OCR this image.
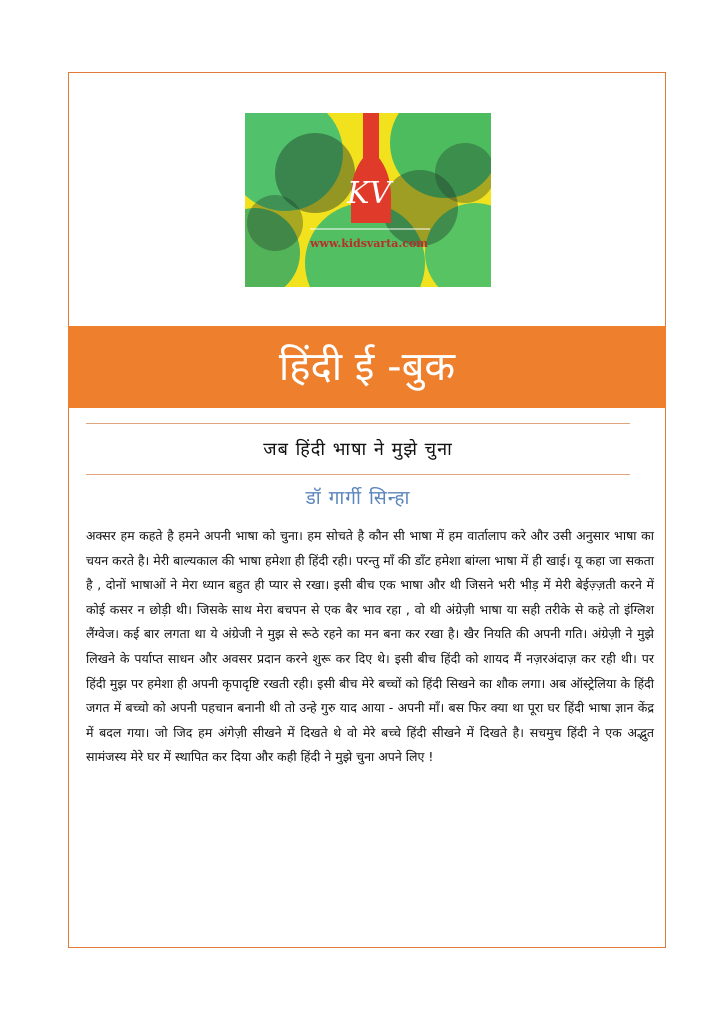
KV
www.kidsvarta.com
हिंदी ई -बुक
जब हिंदी भाषा ने मुझे चुना
डॉ गार्गी सिन्हा
अक्सर हम कहते है हमने अपनी भाषा को चुना। हम सोचते है कौन सी भाषा में हम वार्तालाप करे और उसी अनुसार भाषा का चयन करते है। मेरी बाल्यकाल की भाषा हमेशा ही हिंदी रही। परन्तु माँ की डाँट हमेशा बांग्ला भाषा में ही खाई। यू कहा जा सकता है , दोनों भाषाओं ने मेरा ध्यान बहुत ही प्यार से रखा। इसी बीच एक भाषा और थी जिसने भरी भीड़ में मेरी बेईज़्ज़ती करने में कोई कसर न छोड़ी थी। जिसके साथ मेरा बचपन से एक बैर भाव रहा , वो थी अंग्रेज़ी भाषा या सही तरीके से कहे तो इंग्लिश लैंग्वेज। कई बार लगता था ये अंग्रेजी ने मुझ से रूठे रहने का मन बना कर रखा है। खैर नियति की अपनी गति। अंग्रेज़ी ने मुझे लिखने के पर्याप्त साधन और अवसर प्रदान करने शुरू कर दिए थे। इसी बीच हिंदी को शायद मैं नज़रअंदाज़ कर रही थी। पर हिंदी मुझ पर हमेशा ही अपनी कृपादृष्टि रखती रही। इसी बीच मेरे बच्चों को हिंदी सिखने का शौक लगा। अब ऑस्ट्रेलिया के हिंदी जगत में बच्चो को अपनी पहचान बनानी थी तो उन्हे गुरु याद आया - अपनी माँ। बस फिर क्या था पूरा घर हिंदी भाषा ज्ञान केंद्र में बदल गया। जो जिद हम अंगेज़ी सीखने में दिखते थे वो मेरे बच्चे हिंदी सीखने में दिखते है। सचमुच हिंदी ने एक अद्भुत सामंजस्य मेरे घर में स्थापित कर दिया और कही हिंदी ने मुझे चुना अपने लिए !
